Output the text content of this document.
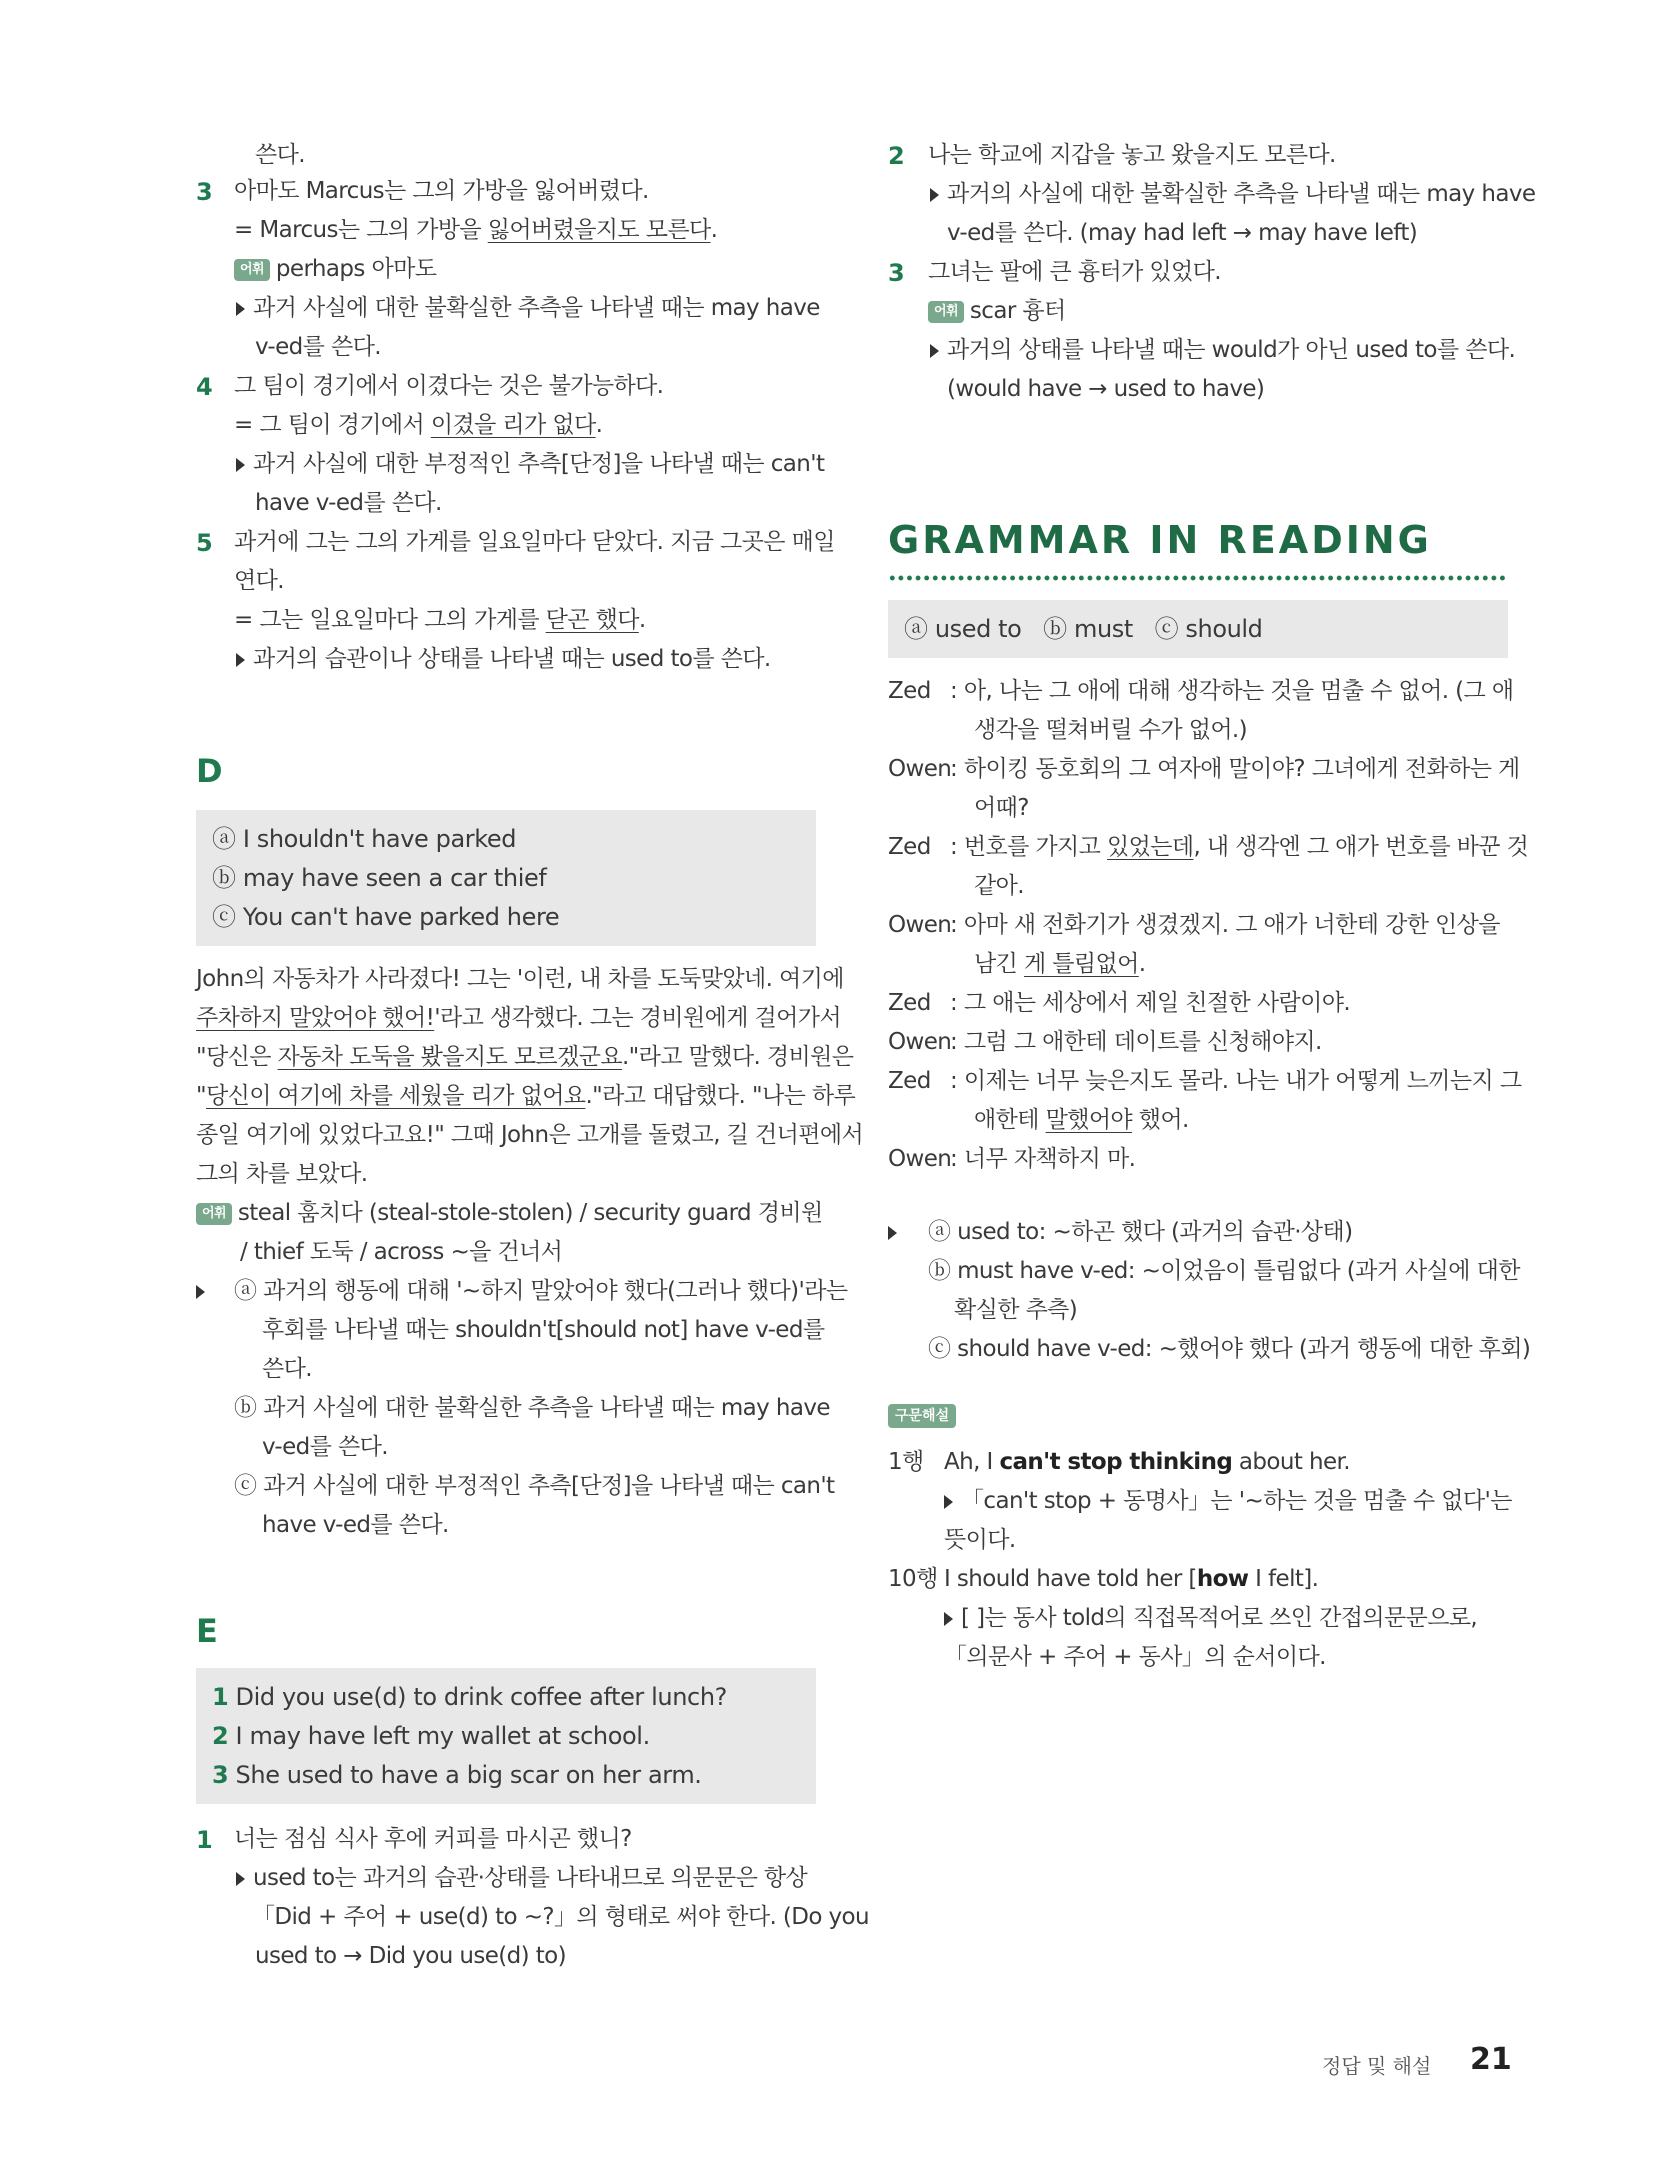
쓴다.
3 아마도 Marcus는 그의 가방을 잃어버렸다.
= Marcus는 그의 가방을 잃어버렸을지도 모른다.
어휘 perhaps 아마도
과거 사실에 대한 불확실한 추측을 나타낼 때는 may have
v-ed를 쓴다.
4 그 팀이 경기에서 이겼다는 것은 불가능하다.
= 그 팀이 경기에서 이겼을 리가 없다.
과거 사실에 대한 부정적인 추측[단정]을 나타낼 때는 can't
have v-ed를 쓴다.
5 과거에 그는 그의 가게를 일요일마다 닫았다. 지금 그곳은 매일
연다.
= 그는 일요일마다 그의 가게를 닫곤 했다.
과거의 습관이나 상태를 나타낼 때는 used to를 쓴다.
D
ⓐ I shouldn't have parked
ⓑ may have seen a car thief
ⓒ You can't have parked here
John의 자동차가 사라졌다! 그는 '이런, 내 차를 도둑맞았네. 여기에
주차하지 말았어야 했어!'라고 생각했다. 그는 경비원에게 걸어가서
"당신은 자동차 도둑을 봤을지도 모르겠군요."라고 말했다. 경비원은
"당신이 여기에 차를 세웠을 리가 없어요."라고 대답했다. "나는 하루
종일 여기에 있었다고요!" 그때 John은 고개를 돌렸고, 길 건너편에서
그의 차를 보았다.
어휘 steal 훔치다 (steal-stole-stolen) / security guard 경비원
/ thief 도둑 / across ~을 건너서
ⓐ 과거의 행동에 대해 '~하지 말았어야 했다(그러나 했다)'라는
후회를 나타낼 때는 shouldn't[should not] have v-ed를
쓴다.
ⓑ 과거 사실에 대한 불확실한 추측을 나타낼 때는 may have
v-ed를 쓴다.
ⓒ 과거 사실에 대한 부정적인 추측[단정]을 나타낼 때는 can't
have v-ed를 쓴다.
E
1 Did you use(d) to drink coffee after lunch?
2 I may have left my wallet at school.
3 She used to have a big scar on her arm.
1 너는 점심 식사 후에 커피를 마시곤 했니?
used to는 과거의 습관·상태를 나타내므로 의문문은 항상
「Did + 주어 + use(d) to ~?」의 형태로 써야 한다. (Do you
used to → Did you use(d) to)
2 나는 학교에 지갑을 놓고 왔을지도 모른다.
과거의 사실에 대한 불확실한 추측을 나타낼 때는 may have
v-ed를 쓴다. (may had left → may have left)
3 그녀는 팔에 큰 흉터가 있었다.
어휘 scar 흉터
과거의 상태를 나타낼 때는 would가 아닌 used to를 쓴다.
(would have → used to have)
GRAMMAR IN READING
ⓐ used to   ⓑ must   ⓒ should
Zed : 아, 나는 그 애에 대해 생각하는 것을 멈출 수 없어. (그 애
생각을 떨쳐버릴 수가 없어.)
Owen: 하이킹 동호회의 그 여자애 말이야? 그녀에게 전화하는 게
어때?
Zed : 번호를 가지고 있었는데, 내 생각엔 그 애가 번호를 바꾼 것
같아.
Owen: 아마 새 전화기가 생겼겠지. 그 애가 너한테 강한 인상을
남긴 게 틀림없어.
Zed : 그 애는 세상에서 제일 친절한 사람이야.
Owen: 그럼 그 애한테 데이트를 신청해야지.
Zed : 이제는 너무 늦은지도 몰라. 나는 내가 어떻게 느끼는지 그
애한테 말했어야 했어.
Owen: 너무 자책하지 마.
ⓐ used to: ~하곤 했다 (과거의 습관·상태)
ⓑ must have v-ed: ~이었음이 틀림없다 (과거 사실에 대한
확실한 추측)
ⓒ should have v-ed: ~했어야 했다 (과거 행동에 대한 후회)
구문해설
1행 Ah, I can't stop thinking about her.
「can't stop + 동명사」는 '~하는 것을 멈출 수 없다'는
뜻이다.
10행 I should have told her [how I felt].
[ ]는 동사 told의 직접목적어로 쓰인 간접의문문으로,
「의문사 + 주어 + 동사」의 순서이다.
정답 및 해설 21
